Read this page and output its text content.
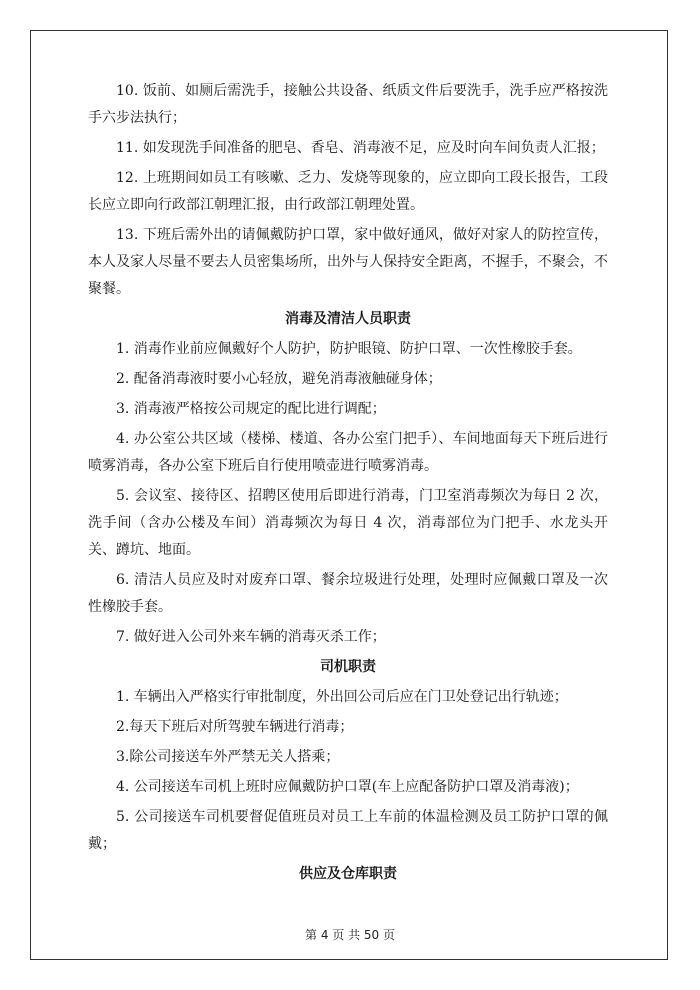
10. 饭前、如厕后需洗手，接触公共设备、纸质文件后要洗手，洗手应严格按洗手六步法执行；

11. 如发现洗手间准备的肥皂、香皂、消毒液不足，应及时向车间负责人汇报；

12. 上班期间如员工有咳嗽、乏力、发烧等现象的，应立即向工段长报告，工段长应立即向行政部江朝理汇报，由行政部江朝理处置。

13. 下班后需外出的请佩戴防护口罩，家中做好通风，做好对家人的防控宣传，本人及家人尽量不要去人员密集场所，出外与人保持安全距离，不握手，不聚会，不聚餐。

消毒及清洁人员职责

1. 消毒作业前应佩戴好个人防护，防护眼镜、防护口罩、一次性橡胶手套。

2. 配备消毒液时要小心轻放，避免消毒液触碰身体；

3. 消毒液严格按公司规定的配比进行调配；

4. 办公室公共区域（楼梯、楼道、各办公室门把手）、车间地面每天下班后进行喷雾消毒，各办公室下班后自行使用喷壶进行喷雾消毒。

5. 会议室、接待区、招聘区使用后即进行消毒，门卫室消毒频次为每日 2 次，洗手间（含办公楼及车间）消毒频次为每日 4 次，消毒部位为门把手、水龙头开关、蹲坑、地面。

6. 清洁人员应及时对废弃口罩、餐余垃圾进行处理，处理时应佩戴口罩及一次性橡胶手套。

7. 做好进入公司外来车辆的消毒灭杀工作；

司机职责

1. 车辆出入严格实行审批制度，外出回公司后应在门卫处登记出行轨迹；

2.每天下班后对所驾驶车辆进行消毒；

3.除公司接送车外严禁无关人搭乘；

4. 公司接送车司机上班时应佩戴防护口罩(车上应配备防护口罩及消毒液)；

5. 公司接送车司机要督促值班员对员工上车前的体温检测及员工防护口罩的佩戴；

供应及仓库职责
第 4 页 共 50 页
